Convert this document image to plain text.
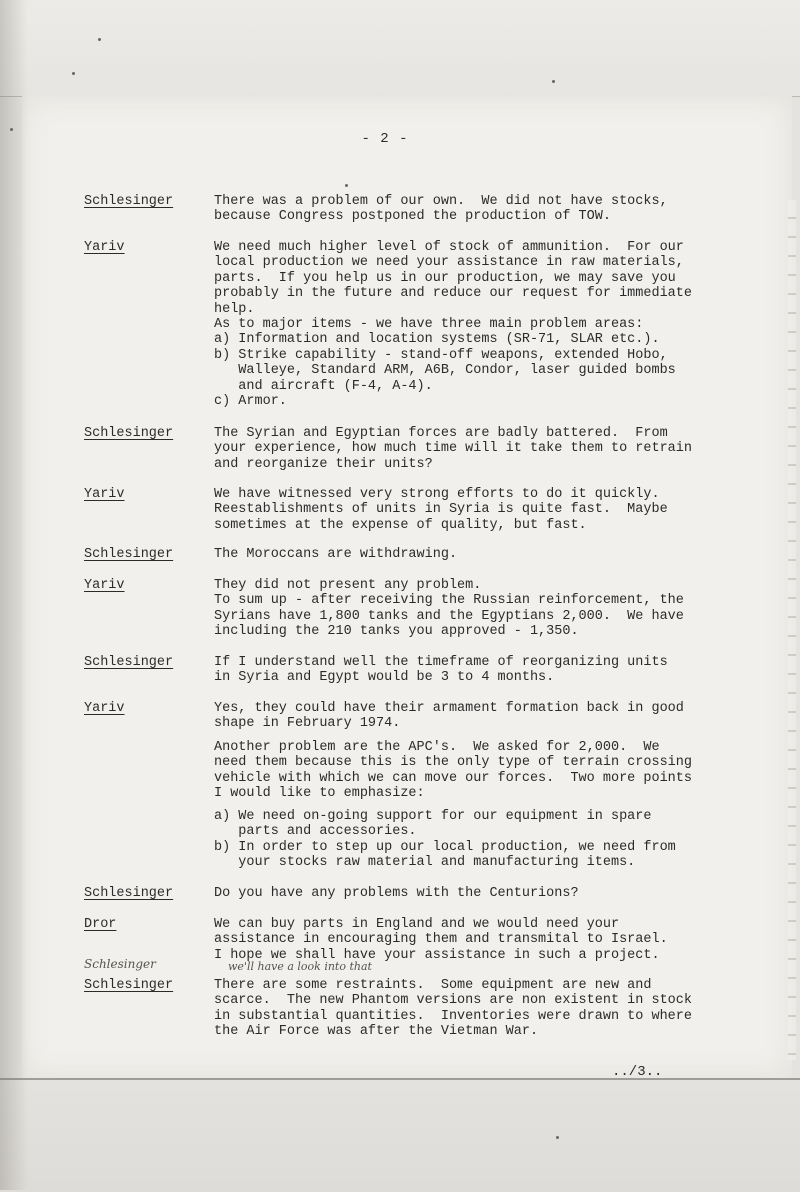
- 2 -
Schlesinger	There was a problem of our own.  We did not have stocks,
because Congress postponed the production of TOW.
Yariv	We need much higher level of stock of ammunition.  For our
local production we need your assistance in raw materials,
parts.  If you help us in our production, we may save you
probably in the future and reduce our request for immediate
help.
As to major items - we have three main problem areas:
a) Information and location systems (SR-71, SLAR etc.).
b) Strike capability - stand-off weapons, extended Hobo,
Walleye, Standard ARM, A6B, Condor, laser guided bombs
and aircraft (F-4, A-4).
c) Armor.
Schlesinger	The Syrian and Egyptian forces are badly battered.  From
your experience, how much time will it take them to retrain
and reorganize their units?
Yariv	We have witnessed very strong efforts to do it quickly.
Reestablishments of units in Syria is quite fast.  Maybe
sometimes at the expense of quality, but fast.
Schlesinger	The Moroccans are withdrawing.
Yariv	They did not present any problem.
To sum up - after receiving the Russian reinforcement, the
Syrians have 1,800 tanks and the Egyptians 2,000.  We have
including the 210 tanks you approved - 1,350.
Schlesinger	If I understand well the timeframe of reorganizing units
in Syria and Egypt would be 3 to 4 months.
Yariv	Yes, they could have their armament formation back in good
shape in February 1974.
Another problem are the APC's.  We asked for 2,000.  We
need them because this is the only type of terrain crossing
vehicle with which we can move our forces.  Two more points
I would like to emphasize:
a) We need on-going support for our equipment in spare
parts and accessories.
b) In order to step up our local production, we need from
your stocks raw material and manufacturing items.
Schlesinger	Do you have any problems with the Centurions?
Dror	We can buy parts in England and we would need your
assistance in encouraging them and transmital to Israel.
I hope we shall have your assistance in such a project.
Schlesinger	we'll have a look into that
Schlesinger	There are some restraints.  Some equipment are new and
scarce.  The new Phantom versions are non existent in stock
in substantial quantities.  Inventories were drawn to where
the Air Force was after the Vietman War.
../3..
